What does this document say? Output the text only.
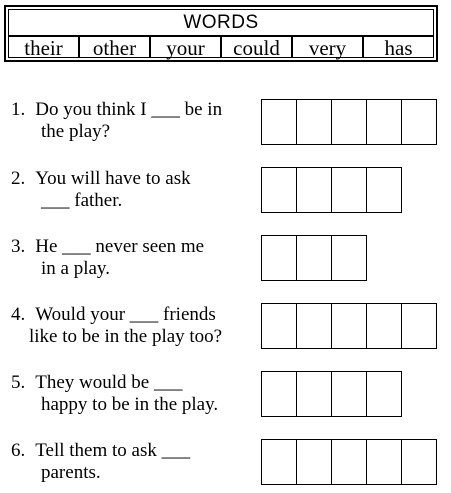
WORDS
their	other	your	could	very	has
1. Do you think I ___ be in
the play?
2. You will have to ask
___ father.
3. He ___ never seen me
in a play.
4. Would your ___ friends
like to be in the play too?
5. They would be ___
happy to be in the play.
6. Tell them to ask ___
parents.
